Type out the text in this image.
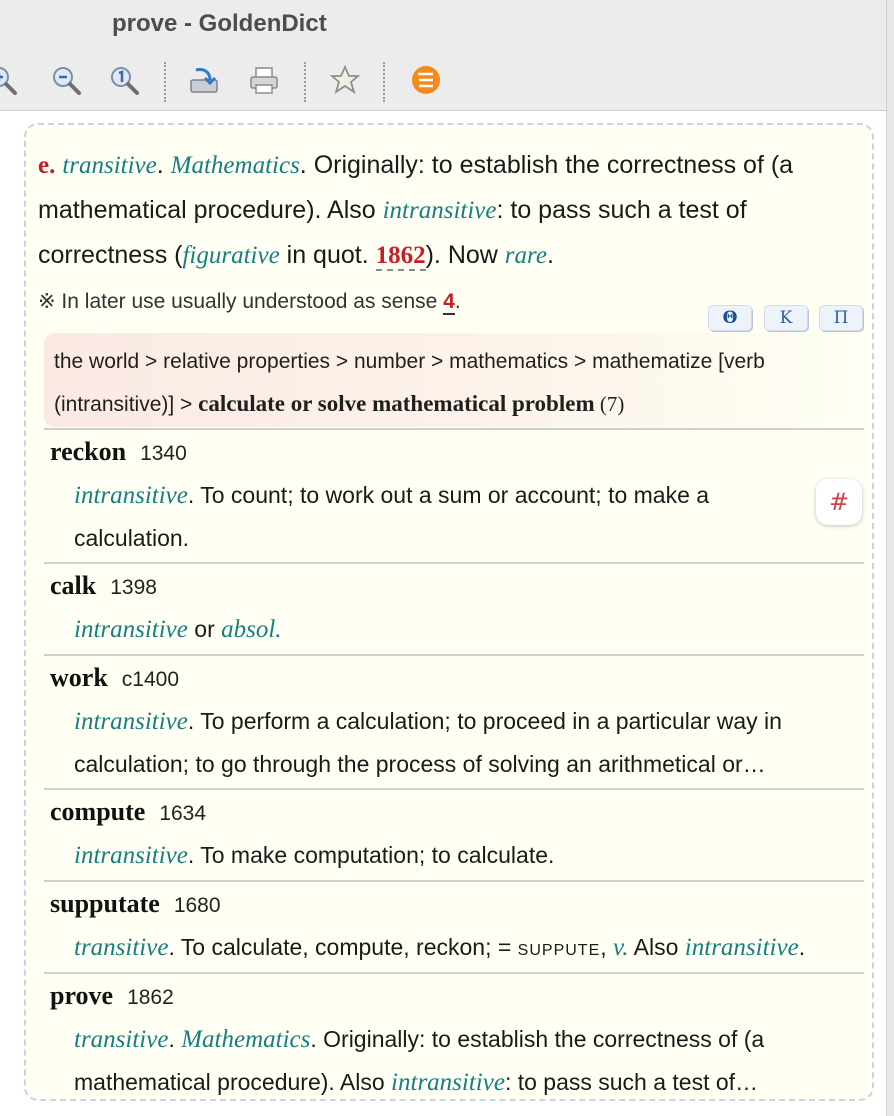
prove - GoldenDict
e. transitive. Mathematics. Originally: to establish the correctness of (a mathematical procedure). Also intransitive: to pass such a test of correctness (figurative in quot. 1862). Now rare.
※ In later use usually understood as sense 4.
Θ	Κ	Π
the world > relative properties > number > mathematics > mathematize [verb (intransitive)] > calculate or solve mathematical problem (7)
reckon 1340
intransitive. To count; to work out a sum or account; to make a calculation.
#
calk 1398
intransitive or absol.
work c1400
intransitive. To perform a calculation; to proceed in a particular way in calculation; to go through the process of solving an arithmetical or…
compute 1634
intransitive. To make computation; to calculate.
supputate 1680
transitive. To calculate, compute, reckon; = suppute, v. Also intransitive.
prove 1862
transitive. Mathematics. Originally: to establish the correctness of (a mathematical procedure). Also intransitive: to pass such a test of…
